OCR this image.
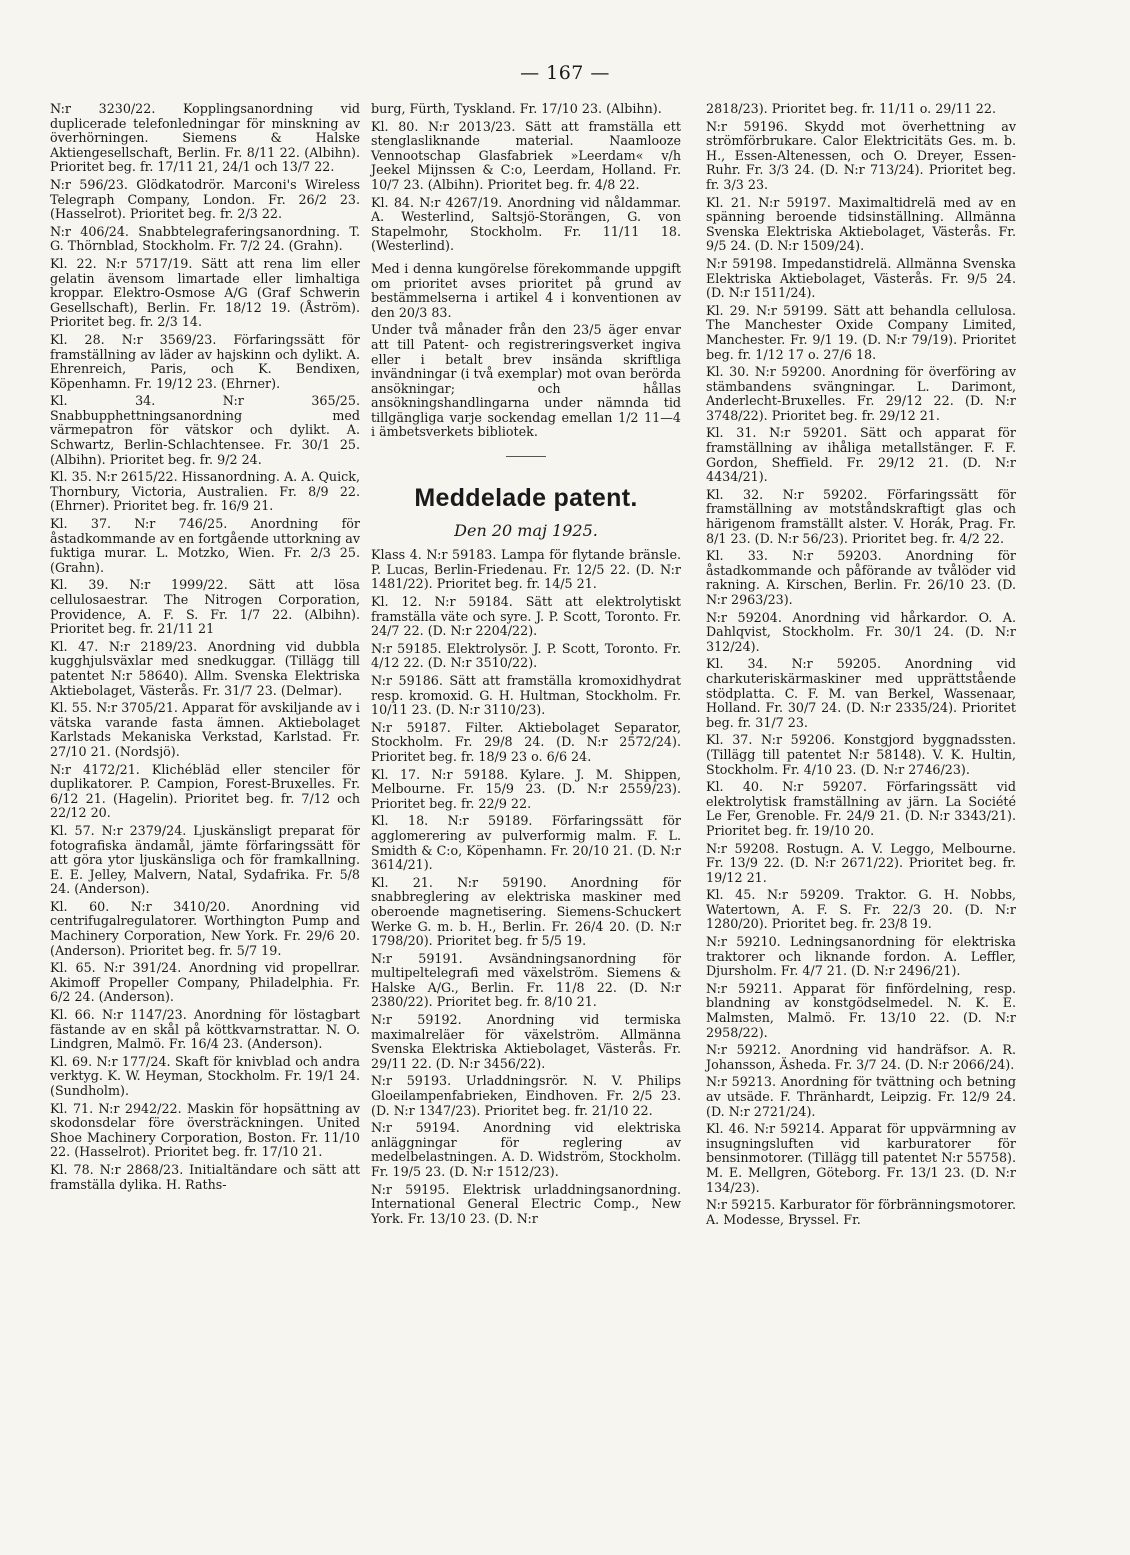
— 167 —

N:r 3230/22. Kopplingsanordning vid duplicerade telefonledningar för minskning av överhörningen. Siemens & Halske Aktiengesellschaft, Berlin. Fr. 8/11 22. (Albihn). Prioritet beg. fr. 17/11 21, 24/1 och 13/7 22.

N:r 596/23. Glödkatodrör. Marconi's Wireless Telegraph Company, London. Fr. 26/2 23. (Hasselrot). Prioritet beg. fr. 2/3 22.

N:r 406/24. Snabbtelegraferingsanordning. T. G. Thörnblad, Stockholm. Fr. 7/2 24. (Grahn).

Kl. 22. N:r 5717/19. Sätt att rena lim eller gelatin ävensom limartade eller limhaltiga kroppar. Elektro-Osmose A/G (Graf Schwerin Gesellschaft), Berlin. Fr. 18/12 19. (Åström). Prioritet beg. fr. 2/3 14.

Kl. 28. N:r 3569/23. Förfaringssätt för framställning av läder av hajskinn och dylikt. A. Ehrenreich, Paris, och K. Bendixen, Köpenhamn. Fr. 19/12 23. (Ehrner).

Kl. 34. N:r 365/25. Snabbupphettningsanordning med värmepatron för vätskor och dylikt. A. Schwartz, Berlin-Schlachtensee. Fr. 30/1 25. (Albihn). Prioritet beg. fr. 9/2 24.

Kl. 35. N:r 2615/22. Hissanordning. A. A. Quick, Thornbury, Victoria, Australien. Fr. 8/9 22. (Ehrner). Prioritet beg. fr. 16/9 21.

Kl. 37. N:r 746/25. Anordning för åstadkommande av en fortgående uttorkning av fuktiga murar. L. Motzko, Wien. Fr. 2/3 25. (Grahn).

Kl. 39. N:r 1999/22. Sätt att lösa cellulosaestrar. The Nitrogen Corporation, Providence, A. F. S. Fr. 1/7 22. (Albihn). Prioritet beg. fr. 21/11 21

Kl. 47. N:r 2189/23. Anordning vid dubbla kugghjulsväxlar med snedkuggar. (Tillägg till patentet N:r 58640). Allm. Svenska Elektriska Aktiebolaget, Västerås. Fr. 31/7 23. (Delmar).

Kl. 55. N:r 3705/21. Apparat för avskiljande av i vätska varande fasta ämnen. Aktiebolaget Karlstads Mekaniska Verkstad, Karlstad. Fr. 27/10 21. (Nordsjö).

N:r 4172/21. Klichébläd eller stenciler för duplikatorer. P. Campion, Forest-Bruxelles. Fr. 6/12 21. (Hagelin). Prioritet beg. fr. 7/12 och 22/12 20.

Kl. 57. N:r 2379/24. Ljuskänsligt preparat för fotografiska ändamål, jämte förfaringssätt för att göra ytor ljuskänsliga och för framkallning. E. E. Jelley, Malvern, Natal, Sydafrika. Fr. 5/8 24. (Anderson).

Kl. 60. N:r 3410/20. Anordning vid centrifugalregulatorer. Worthington Pump and Machinery Corporation, New York. Fr. 29/6 20. (Anderson). Prioritet beg. fr. 5/7 19.

Kl. 65. N:r 391/24. Anordning vid propellrar. Akimoff Propeller Company, Philadelphia. Fr. 6/2 24. (Anderson).

Kl. 66. N:r 1147/23. Anordning för löstagbart fästande av en skål på köttkvarnstrattar. N. O. Lindgren, Malmö. Fr. 16/4 23. (Anderson).

Kl. 69. N:r 177/24. Skaft för knivblad och andra verktyg. K. W. Heyman, Stockholm. Fr. 19/1 24. (Sundholm).

Kl. 71. N:r 2942/22. Maskin för hopsättning av skodonsdelar före översträckningen. United Shoe Machinery Corporation, Boston. Fr. 11/10 22. (Hasselrot). Prioritet beg. fr. 17/10 21.

Kl. 78. N:r 2868/23. Initialtändare och sätt att framställa dylika. H. Raths-

burg, Fürth, Tyskland. Fr. 17/10 23. (Albihn).

Kl. 80. N:r 2013/23. Sätt att framställa ett stenglasliknande material. Naamlooze Vennootschap Glasfabriek »Leerdam« v/h Jeekel Mijnssen & C:o, Leerdam, Holland. Fr. 10/7 23. (Albihn). Prioritet beg. fr. 4/8 22.

Kl. 84. N:r 4267/19. Anordning vid nåldammar. A. Westerlind, Saltsjö-Storängen, G. von Stapelmohr, Stockholm. Fr. 11/11 18. (Westerlind).

Med i denna kungörelse förekommande uppgift om prioritet avses prioritet på grund av bestämmelserna i artikel 4 i konventionen av den 20/3 83.

Under två månader från den 23/5 äger envar att till Patent- och registreringsverket ingiva eller i betalt brev insända skriftliga invändningar (i två exemplar) mot ovan berörda ansökningar; och hållas ansökningshandlingarna under nämnda tid tillgängliga varje sockendag emellan 1/2 11—4 i ämbetsverkets bibliotek.

Meddelade patent.
Den 20 maj 1925.

Klass 4. N:r 59183. Lampa för flytande bränsle. P. Lucas, Berlin-Friedenau. Fr. 12/5 22. (D. N:r 1481/22). Prioritet beg. fr. 14/5 21.

Kl. 12. N:r 59184. Sätt att elektrolytiskt framställa väte och syre. J. P. Scott, Toronto. Fr. 24/7 22. (D. N:r 2204/22).

N:r 59185. Elektrolysör. J. P. Scott, Toronto. Fr. 4/12 22. (D. N:r 3510/22).

N:r 59186. Sätt att framställa kromoxidhydrat resp. kromoxid. G. H. Hultman, Stockholm. Fr. 10/11 23. (D. N:r 3110/23).

N:r 59187. Filter. Aktiebolaget Separator, Stockholm. Fr. 29/8 24. (D. N:r 2572/24). Prioritet beg. fr. 18/9 23 o. 6/6 24.

Kl. 17. N:r 59188. Kylare. J. M. Shippen, Melbourne. Fr. 15/9 23. (D. N:r 2559/23). Prioritet beg. fr. 22/9 22.

Kl. 18. N:r 59189. Förfaringssätt för agglomerering av pulverformig malm. F. L. Smidth & C:o, Köpenhamn. Fr. 20/10 21. (D. N:r 3614/21).

Kl. 21. N:r 59190. Anordning för snabbreglering av elektriska maskiner med oberoende magnetisering. Siemens-Schuckert Werke G. m. b. H., Berlin. Fr. 26/4 20. (D. N:r 1798/20). Prioritet beg. fr 5/5 19.

N:r 59191. Avsändningsanordning för multipeltelegrafi med växelström. Siemens & Halske A/G., Berlin. Fr. 11/8 22. (D. N:r 2380/22). Prioritet beg. fr. 8/10 21.

N:r 59192. Anordning vid termiska maximalreläer för växelström. Allmänna Svenska Elektriska Aktiebolaget, Västerås. Fr. 29/11 22. (D. N:r 3456/22).

N:r 59193. Urladdningsrör. N. V. Philips Gloeilampenfabrieken, Eindhoven. Fr. 2/5 23. (D. N:r 1347/23). Prioritet beg. fr. 21/10 22.

N:r 59194. Anordning vid elektriska anläggningar för reglering av medelbelastningen. A. D. Widström, Stockholm. Fr. 19/5 23. (D. N:r 1512/23).

N:r 59195. Elektrisk urladdningsanordning. International General Electric Comp., New York. Fr. 13/10 23. (D. N:r

2818/23). Prioritet beg. fr. 11/11 o. 29/11 22.

N:r 59196. Skydd mot överhettning av strömförbrukare. Calor Elektricitäts Ges. m. b. H., Essen-Altenessen, och O. Dreyer, Essen-Ruhr. Fr. 3/3 24. (D. N:r 713/24). Prioritet beg. fr. 3/3 23.

Kl. 21. N:r 59197. Maximaltidrelä med av en spänning beroende tidsinställning. Allmänna Svenska Elektriska Aktiebolaget, Västerås. Fr. 9/5 24. (D. N:r 1509/24).

N:r 59198. Impedanstidrelä. Allmänna Svenska Elektriska Aktiebolaget, Västerås. Fr. 9/5 24. (D. N:r 1511/24).

Kl. 29. N:r 59199. Sätt att behandla cellulosa. The Manchester Oxide Company Limited, Manchester. Fr. 9/1 19. (D. N:r 79/19). Prioritet beg. fr. 1/12 17 o. 27/6 18.

Kl. 30. N:r 59200. Anordning för överföring av stämbandens svängningar. L. Darimont, Anderlecht-Bruxelles. Fr. 29/12 22. (D. N:r 3748/22). Prioritet beg. fr. 29/12 21.

Kl. 31. N:r 59201. Sätt och apparat för framställning av ihåliga metallstänger. F. F. Gordon, Sheffield. Fr. 29/12 21. (D. N:r 4434/21).

Kl. 32. N:r 59202. Förfaringssätt för framställning av motståndskraftigt glas och härigenom framställt alster. V. Horák, Prag. Fr. 8/1 23. (D. N:r 56/23). Prioritet beg. fr. 4/2 22.

Kl. 33. N:r 59203. Anordning för åstadkommande och påförande av tvålöder vid rakning. A. Kirschen, Berlin. Fr. 26/10 23. (D. N:r 2963/23).

N:r 59204. Anordning vid hårkardor. O. A. Dahlqvist, Stockholm. Fr. 30/1 24. (D. N:r 312/24).

Kl. 34. N:r 59205. Anordning vid charkuteriskärmaskiner med upprättstående stödplatta. C. F. M. van Berkel, Wassenaar, Holland. Fr. 30/7 24. (D. N:r 2335/24). Prioritet beg. fr. 31/7 23.

Kl. 37. N:r 59206. Konstgjord byggnadssten. (Tillägg till patentet N:r 58148). V. K. Hultin, Stockholm. Fr. 4/10 23. (D. N:r 2746/23).

Kl. 40. N:r 59207. Förfaringssätt vid elektrolytisk framställning av järn. La Société Le Fer, Grenoble. Fr. 24/9 21. (D. N:r 3343/21). Prioritet beg. fr. 19/10 20.

N:r 59208. Rostugn. A. V. Leggo, Melbourne. Fr. 13/9 22. (D. N:r 2671/22). Prioritet beg. fr. 19/12 21.

Kl. 45. N:r 59209. Traktor. G. H. Nobbs, Watertown, A. F. S. Fr. 22/3 20. (D. N:r 1280/20). Prioritet beg. fr. 23/8 19.

N:r 59210. Ledningsanordning för elektriska traktorer och liknande fordon. A. Leffler, Djursholm. Fr. 4/7 21. (D. N:r 2496/21).

N:r 59211. Apparat för finfördelning, resp. blandning av konstgödselmedel. N. K. E. Malmsten, Malmö. Fr. 13/10 22. (D. N:r 2958/22).

N:r 59212. Anordning vid handräfsor. A. R. Johansson, Äsheda. Fr. 3/7 24. (D. N:r 2066/24).

N:r 59213. Anordning för tvättning och betning av utsäde. F. Thränhardt, Leipzig. Fr. 12/9 24. (D. N:r 2721/24).

Kl. 46. N:r 59214. Apparat för uppvärmning av insugningsluften vid karburatorer för bensinmotorer. (Tillägg till patentet N:r 55758). M. E. Mellgren, Göteborg. Fr. 13/1 23. (D. N:r 134/23).

N:r 59215. Karburator för förbränningsmotorer. A. Modesse, Bryssel. Fr.
